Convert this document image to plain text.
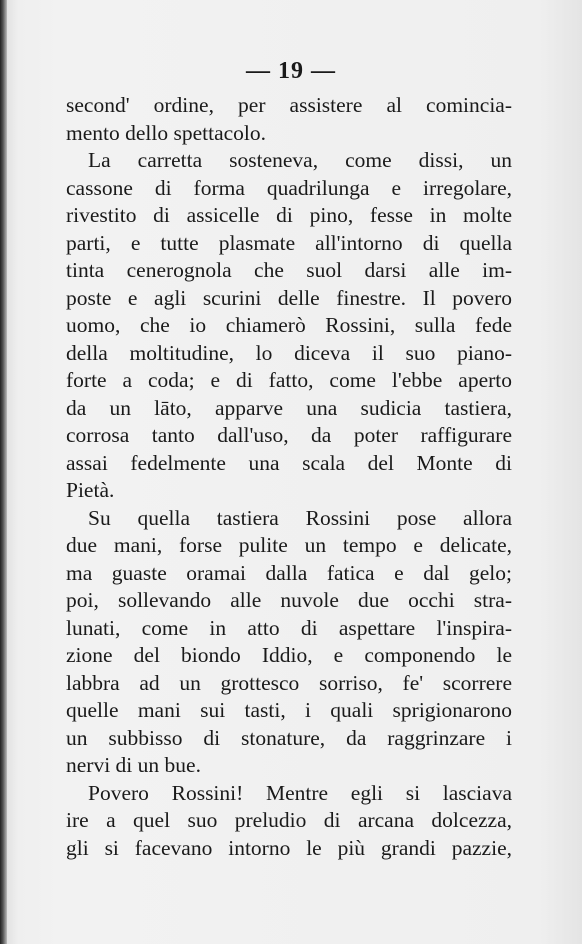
— 19 —
second' ordine, per assistere al comincia-
mento dello spettacolo.
La carretta sosteneva, come dissi, un
cassone di forma quadrilunga e irregolare,
rivestito di assicelle di pino, fesse in molte
parti, e tutte plasmate all'intorno di quella
tinta cenerognola che suol darsi alle im-
poste e agli scurini delle finestre. Il povero
uomo, che io chiamerò Rossini, sulla fede
della moltitudine, lo diceva il suo piano-
forte a coda; e di fatto, come l'ebbe aperto
da un lāto, apparve una sudicia tastiera,
corrosa tanto dall'uso, da poter raffigurare
assai fedelmente una scala del Monte di
Pietà.
Su quella tastiera Rossini pose allora
due mani, forse pulite un tempo e delicate,
ma guaste oramai dalla fatica e dal gelo;
poi, sollevando alle nuvole due occhi stra-
lunati, come in atto di aspettare l'inspira-
zione del biondo Iddio, e componendo le
labbra ad un grottesco sorriso, fe' scorrere
quelle mani sui tasti, i quali sprigionarono
un subbisso di stonature, da raggrinzare i
nervi di un bue.
Povero Rossini! Mentre egli si lasciava
ire a quel suo preludio di arcana dolcezza,
gli si facevano intorno le più grandi pazzie,
